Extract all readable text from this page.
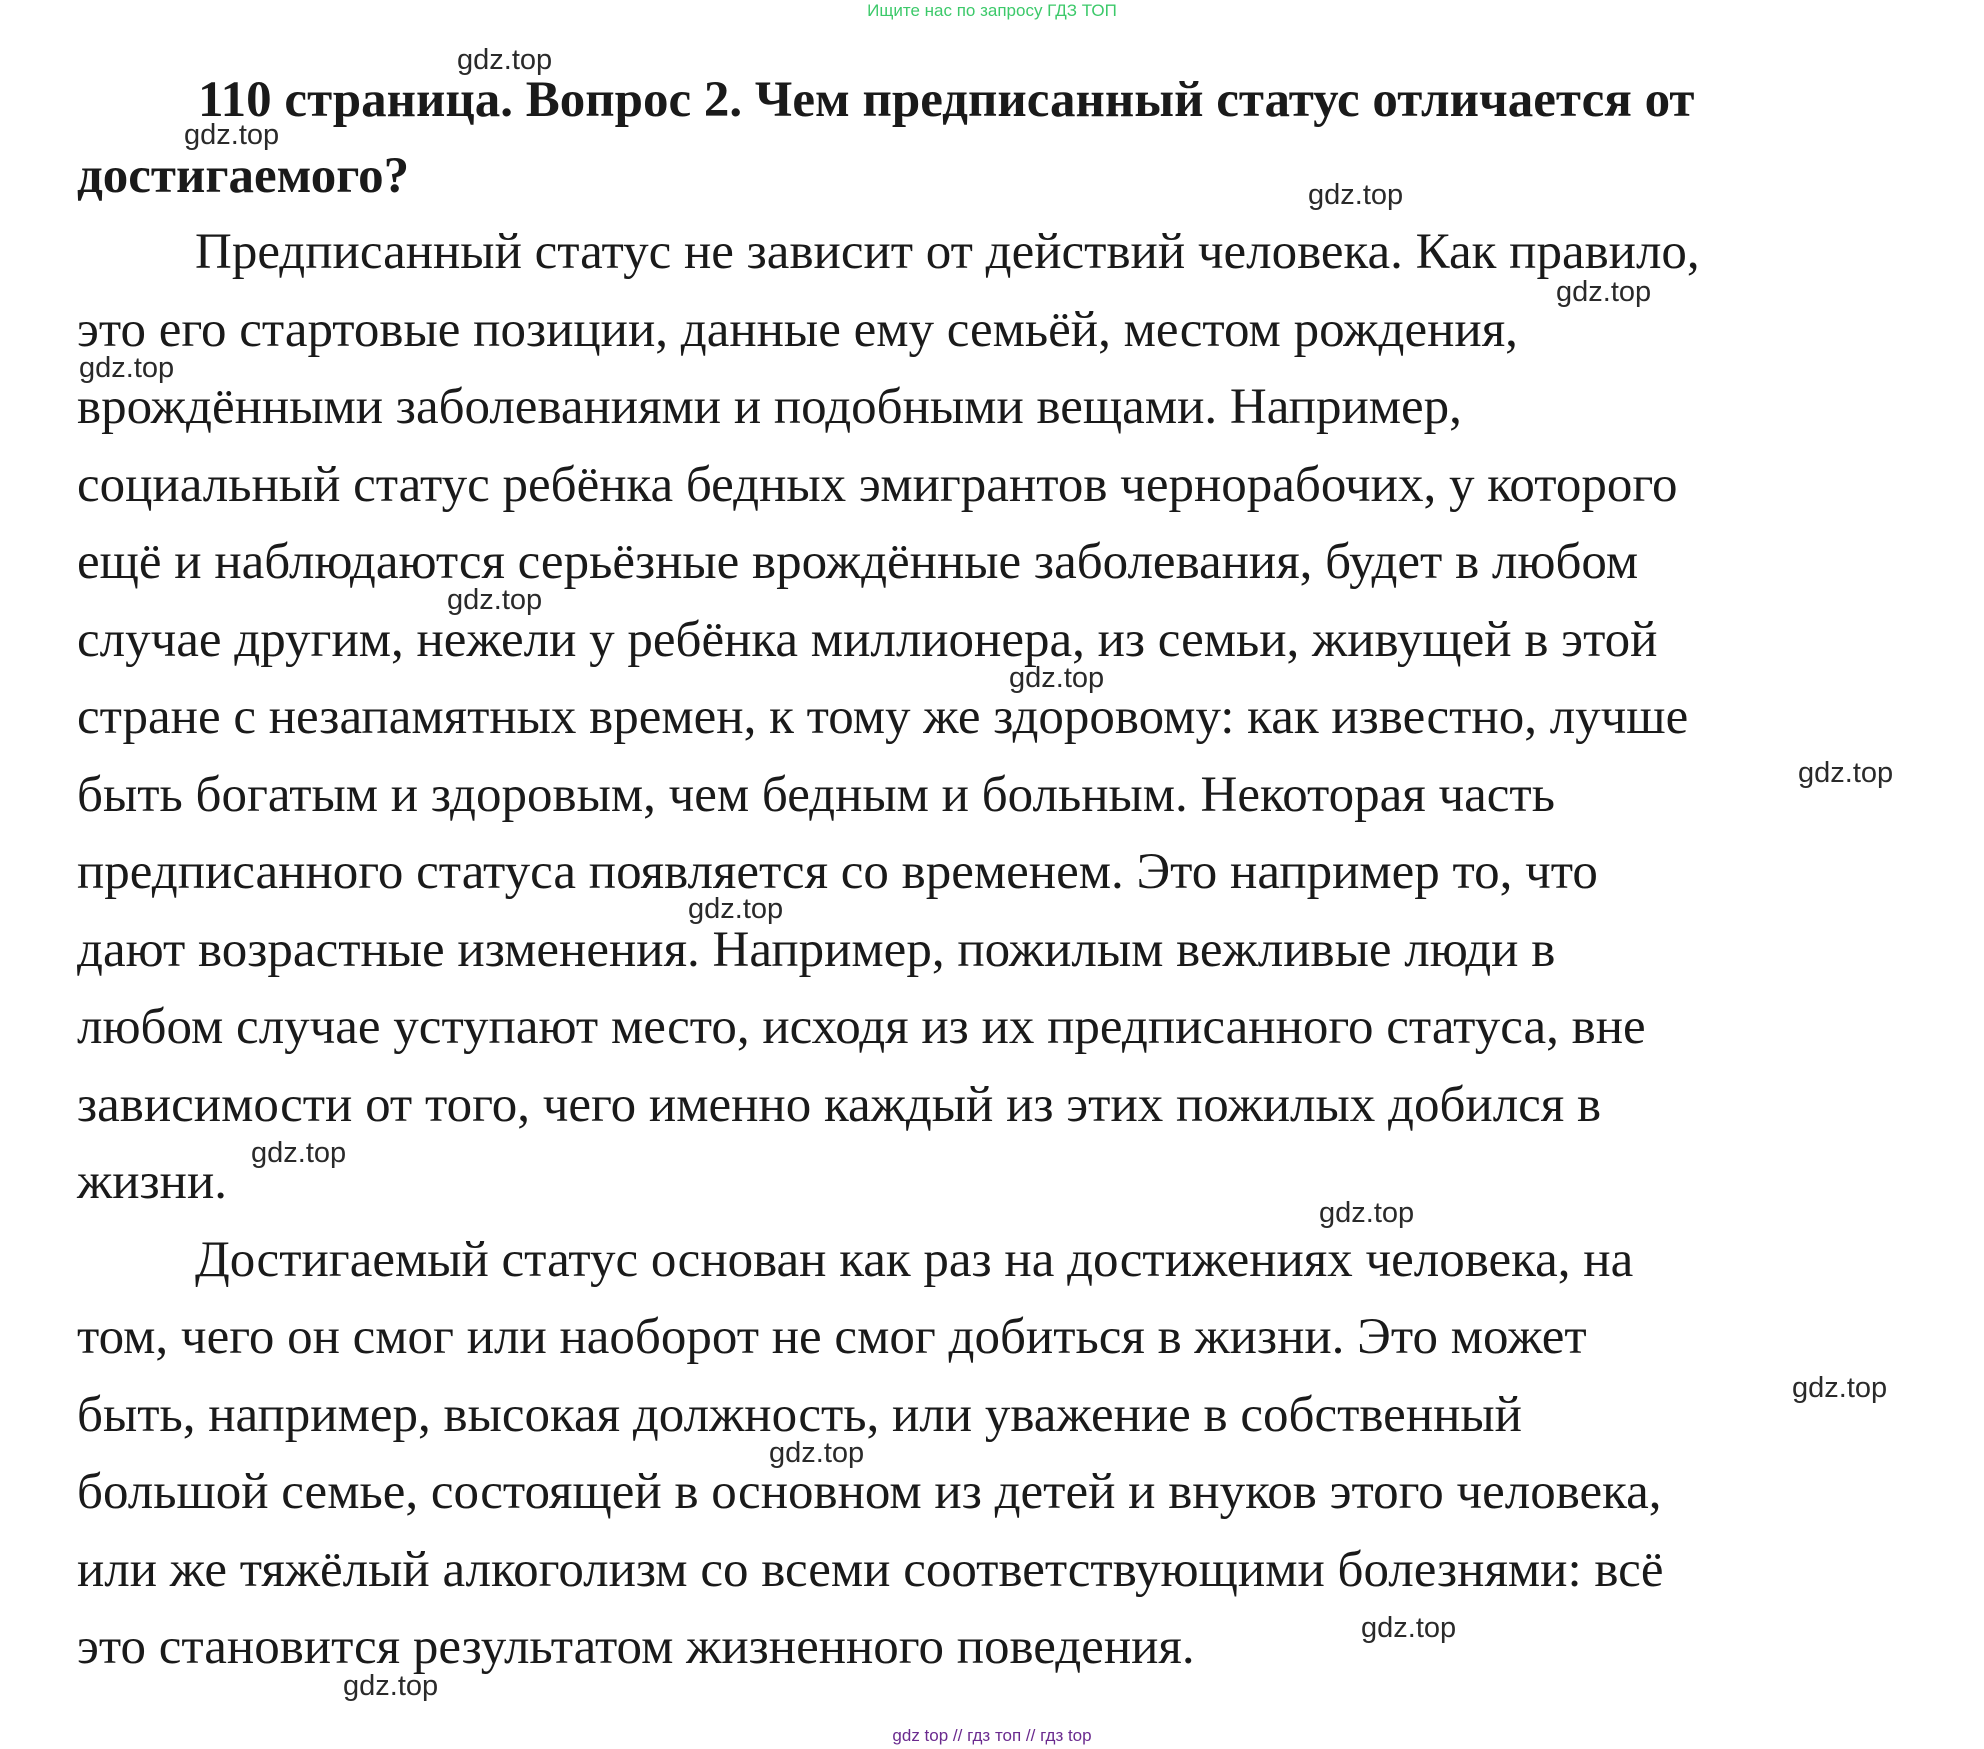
Ищите нас по запросу ГДЗ ТОП
110 страница. Вопрос 2. Чем предписанный статус отличается от
достигаемого?

Предписанный статус не зависит от действий человека. Как правило,
это его стартовые позиции, данные ему семьёй, местом рождения,
врождёнными заболеваниями и подобными вещами. Например,
социальный статус ребёнка бедных эмигрантов чернорабочих, у которого
ещё и наблюдаются серьёзные врождённые заболевания, будет в любом
случае другим, нежели у ребёнка миллионера, из семьи, живущей в этой
стране с незапамятных времен, к тому же здоровому: как известно, лучше
быть богатым и здоровым, чем бедным и больным. Некоторая часть
предписанного статуса появляется со временем. Это например то, что
дают возрастные изменения. Например, пожилым вежливые люди в
любом случае уступают место, исходя из их предписанного статуса, вне
зависимости от того, чего именно каждый из этих пожилых добился в
жизни.

Достигаемый статус основан как раз на достижениях человека, на
том, чего он смог или наоборот не смог добиться в жизни. Это может
быть, например, высокая должность, или уважение в собственный
большой семье, состоящей в основном из детей и внуков этого человека,
или же тяжёлый алкоголизм со всеми соответствующими болезнями: всё
это становится результатом жизненного поведения.

gdz.top
gdz.top
gdz.top
gdz.top
gdz.top
gdz.top
gdz.top
gdz.top
gdz.top
gdz.top
gdz.top
gdz.top
gdz.top
gdz.top
gdz.top
gdz top // гдз топ // гдз top
